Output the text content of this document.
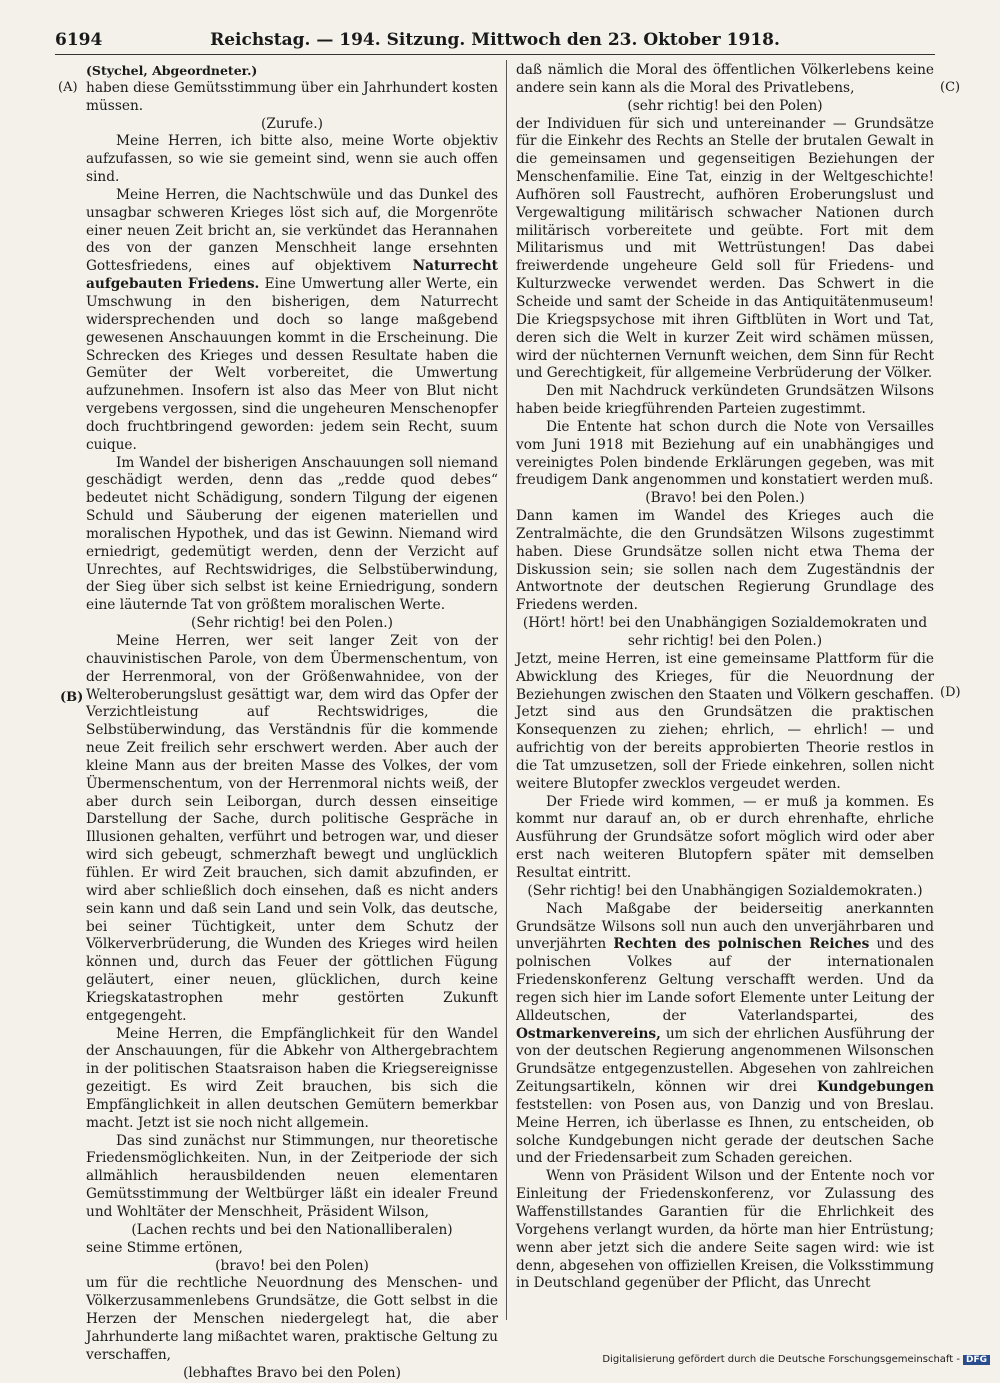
6194	Reichstag. — 194. Sitzung. Mittwoch den 23. Oktober 1918.
(A)
(B)
(C)
(D)

(Stychel, Abgeordneter.)

haben diese Gemütsstimmung über ein Jahrhundert kosten müssen.

(Zurufe.)

Meine Herren, ich bitte also, meine Worte objektiv aufzufassen, so wie sie gemeint sind, wenn sie auch offen sind.

Meine Herren, die Nachtschwüle und das Dunkel des unsagbar schweren Krieges löst sich auf, die Morgenröte einer neuen Zeit bricht an, sie verkündet das Herannahen des von der ganzen Menschheit lange ersehnten Gottesfriedens, eines auf objektivem Naturrecht aufgebauten Friedens. Eine Umwertung aller Werte, ein Umschwung in den bisherigen, dem Naturrecht widersprechenden und doch so lange maßgebend gewesenen Anschauungen kommt in die Erscheinung. Die Schrecken des Krieges und dessen Resultate haben die Gemüter der Welt vorbereitet, die Umwertung aufzunehmen. Insofern ist also das Meer von Blut nicht vergebens vergossen, sind die ungeheuren Menschenopfer doch fruchtbringend geworden: jedem sein Recht, suum cuique.

Im Wandel der bisherigen Anschauungen soll niemand geschädigt werden, denn das „redde quod debes“ bedeutet nicht Schädigung, sondern Tilgung der eigenen Schuld und Säuberung der eigenen materiellen und moralischen Hypothek, und das ist Gewinn. Niemand wird erniedrigt, gedemütigt werden, denn der Verzicht auf Unrechtes, auf Rechtswidriges, die Selbstüberwindung, der Sieg über sich selbst ist keine Erniedrigung, sondern eine läuternde Tat von größtem moralischen Werte.

(Sehr richtig! bei den Polen.)

Meine Herren, wer seit langer Zeit von der chauvinistischen Parole, von dem Übermenschentum, von der Herrenmoral, von der Größenwahnidee, von der Welteroberungslust gesättigt war, dem wird das Opfer der Verzichtleistung auf Rechtswidriges, die Selbstüberwindung, das Verständnis für die kommende neue Zeit freilich sehr erschwert werden. Aber auch der kleine Mann aus der breiten Masse des Volkes, der vom Übermenschentum, von der Herrenmoral nichts weiß, der aber durch sein Leiborgan, durch dessen einseitige Darstellung der Sache, durch politische Gespräche in Illusionen gehalten, verführt und betrogen war, und dieser wird sich gebeugt, schmerzhaft bewegt und unglücklich fühlen. Er wird Zeit brauchen, sich damit abzufinden, er wird aber schließlich doch einsehen, daß es nicht anders sein kann und daß sein Land und sein Volk, das deutsche, bei seiner Tüchtigkeit, unter dem Schutz der Völkerverbrüderung, die Wunden des Krieges wird heilen können und, durch das Feuer der göttlichen Fügung geläutert, einer neuen, glücklichen, durch keine Kriegskatastrophen mehr gestörten Zukunft entgegengeht.

Meine Herren, die Empfänglichkeit für den Wandel der Anschauungen, für die Abkehr von Althergebrachtem in der politischen Staatsraison haben die Kriegsereignisse gezeitigt. Es wird Zeit brauchen, bis sich die Empfänglichkeit in allen deutschen Gemütern bemerkbar macht. Jetzt ist sie noch nicht allgemein.

Das sind zunächst nur Stimmungen, nur theoretische Friedensmöglichkeiten. Nun, in der Zeitperiode der sich allmählich herausbildenden neuen elementaren Gemütsstimmung der Weltbürger läßt ein idealer Freund und Wohltäter der Menschheit, Präsident Wilson,

(Lachen rechts und bei den Nationalliberalen)

seine Stimme ertönen,

(bravo! bei den Polen)

um für die rechtliche Neuordnung des Menschen- und Völkerzusammenlebens Grundsätze, die Gott selbst in die Herzen der Menschen niedergelegt hat, die aber Jahrhunderte lang mißachtet waren, praktische Geltung zu verschaffen,

(lebhaftes Bravo bei den Polen)

daß nämlich die Moral des öffentlichen Völkerlebens keine andere sein kann als die Moral des Privatlebens,

(sehr richtig! bei den Polen)

der Individuen für sich und untereinander — Grundsätze für die Einkehr des Rechts an Stelle der brutalen Gewalt in die gemeinsamen und gegenseitigen Beziehungen der Menschenfamilie. Eine Tat, einzig in der Weltgeschichte! Aufhören soll Faustrecht, aufhören Eroberungslust und Vergewaltigung militärisch schwacher Nationen durch militärisch vorbereitete und geübte. Fort mit dem Militarismus und mit Wettrüstungen! Das dabei freiwerdende ungeheure Geld soll für Friedens- und Kulturzwecke verwendet werden. Das Schwert in die Scheide und samt der Scheide in das Antiquitätenmuseum! Die Kriegspsychose mit ihren Giftblüten in Wort und Tat, deren sich die Welt in kurzer Zeit wird schämen müssen, wird der nüchternen Vernunft weichen, dem Sinn für Recht und Gerechtigkeit, für allgemeine Verbrüderung der Völker.

Den mit Nachdruck verkündeten Grundsätzen Wilsons haben beide kriegführenden Parteien zugestimmt.

Die Entente hat schon durch die Note von Versailles vom Juni 1918 mit Beziehung auf ein unabhängiges und vereinigtes Polen bindende Erklärungen gegeben, was mit freudigem Dank angenommen und konstatiert werden muß.

(Bravo! bei den Polen.)

Dann kamen im Wandel des Krieges auch die Zentralmächte, die den Grundsätzen Wilsons zugestimmt haben. Diese Grundsätze sollen nicht etwa Thema der Diskussion sein; sie sollen nach dem Zugeständnis der Antwortnote der deutschen Regierung Grundlage des Friedens werden.

(Hört! hört! bei den Unabhängigen Sozialdemokraten und sehr richtig! bei den Polen.)

Jetzt, meine Herren, ist eine gemeinsame Plattform für die Abwicklung des Krieges, für die Neuordnung der Beziehungen zwischen den Staaten und Völkern geschaffen. Jetzt sind aus den Grundsätzen die praktischen Konsequenzen zu ziehen; ehrlich, — ehrlich! — und aufrichtig von der bereits approbierten Theorie restlos in die Tat umzusetzen, soll der Friede einkehren, sollen nicht weitere Blutopfer zwecklos vergeudet werden.

Der Friede wird kommen, — er muß ja kommen. Es kommt nur darauf an, ob er durch ehrenhafte, ehrliche Ausführung der Grundsätze sofort möglich wird oder aber erst nach weiteren Blutopfern später mit demselben Resultat eintritt.

(Sehr richtig! bei den Unabhängigen Sozialdemokraten.)

Nach Maßgabe der beiderseitig anerkannten Grundsätze Wilsons soll nun auch den unverjährbaren und unverjährten Rechten des polnischen Reiches und des polnischen Volkes auf der internationalen Friedenskonferenz Geltung verschafft werden. Und da regen sich hier im Lande sofort Elemente unter Leitung der Alldeutschen, der Vaterlandspartei, des Ostmarkenvereins, um sich der ehrlichen Ausführung der von der deutschen Regierung angenommenen Wilsonschen Grundsätze entgegenzustellen. Abgesehen von zahlreichen Zeitungsartikeln, können wir drei Kundgebungen feststellen: von Posen aus, von Danzig und von Breslau. Meine Herren, ich überlasse es Ihnen, zu entscheiden, ob solche Kundgebungen nicht gerade der deutschen Sache und der Friedensarbeit zum Schaden gereichen.

Wenn von Präsident Wilson und der Entente noch vor Einleitung der Friedenskonferenz, vor Zulassung des Waffenstillstandes Garantien für die Ehrlichkeit des Vorgehens verlangt wurden, da hörte man hier Entrüstung; wenn aber jetzt sich die andere Seite sagen wird: wie ist denn, abgesehen von offiziellen Kreisen, die Volksstimmung in Deutschland gegenüber der Pflicht, das Unrecht

Digitalisierung gefördert durch die Deutsche Forschungsgemeinschaft - DFG
